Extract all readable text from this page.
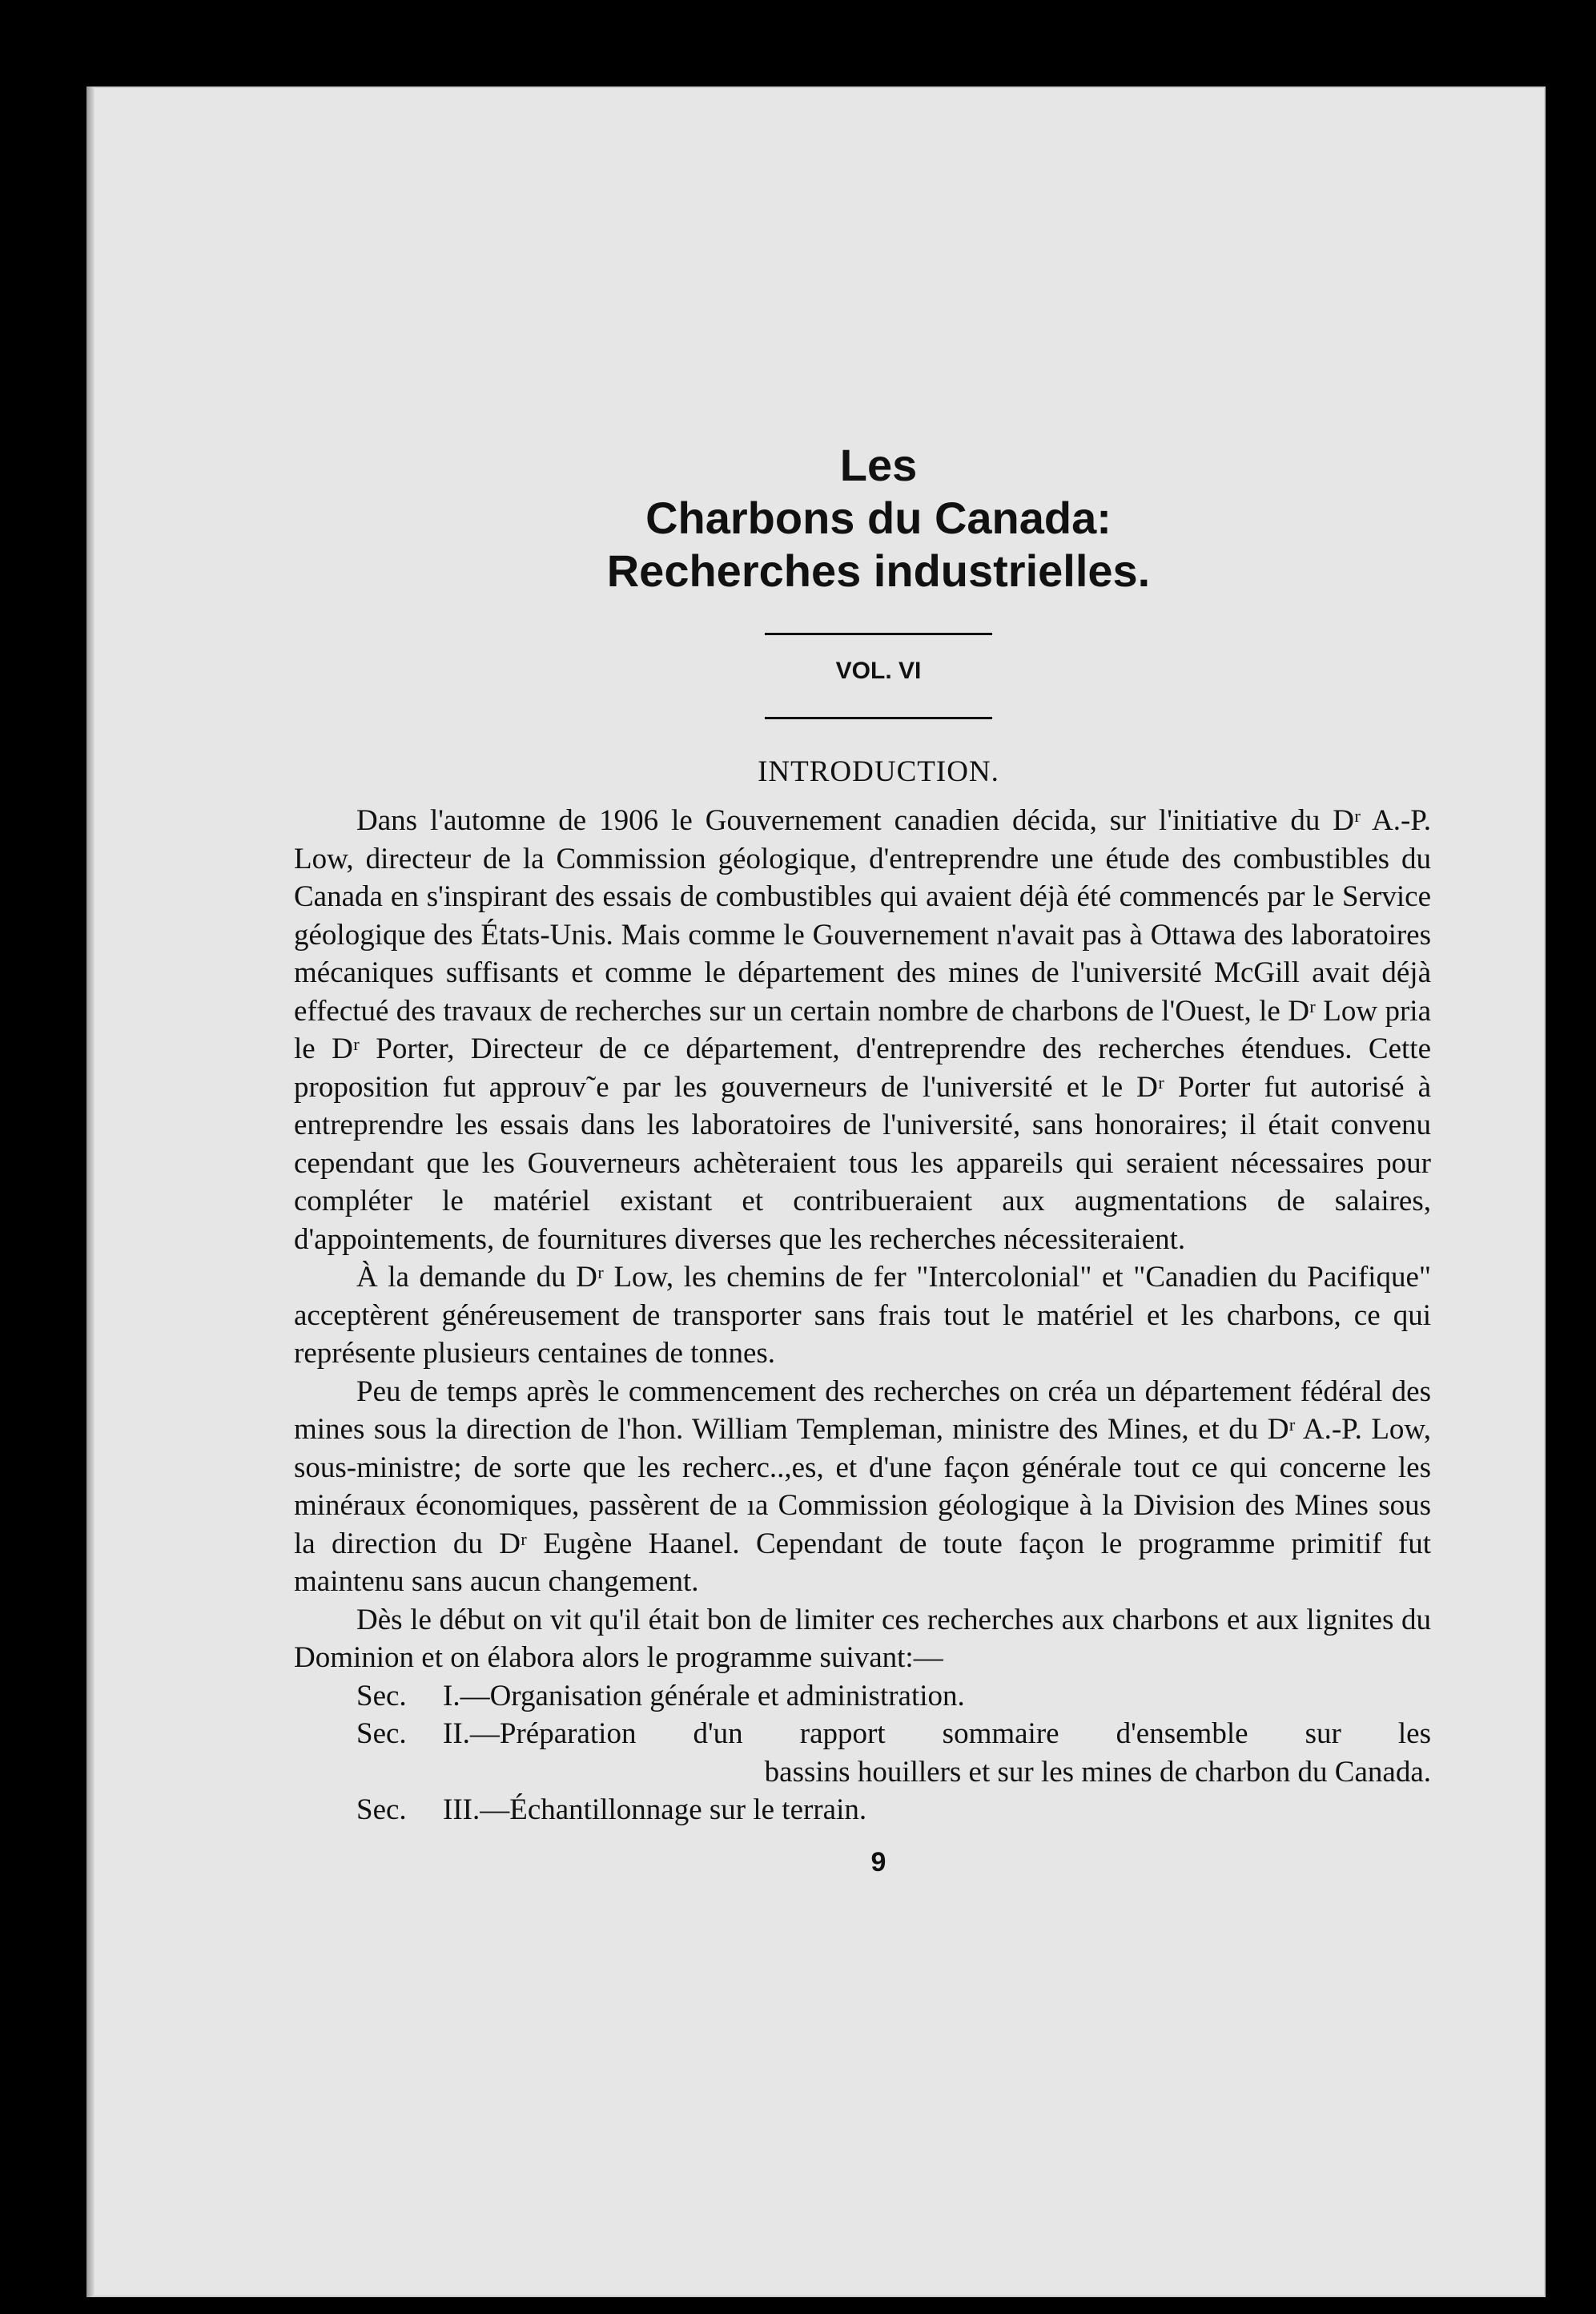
Les

Charbons du Canada:

Recherches industrielles.

VOL. VI

INTRODUCTION.

Dans l'automne de 1906 le Gouvernement canadien décida, sur l'initiative du Dʳ A.-P. Low, directeur de la Commission géologique, d'entreprendre une étude des combustibles du Canada en s'inspirant des essais de combustibles qui avaient déjà été commencés par le Service géologique des États-Unis. Mais comme le Gouvernement n'avait pas à Ottawa des laboratoires mécaniques suffisants et comme le département des mines de l'université McGill avait déjà effectué des travaux de recherches sur un certain nombre de charbons de l'Ouest, le Dʳ Low pria le Dʳ Porter, Directeur de ce département, d'entreprendre des recherches étendues. Cette proposition fut approuv˜e par les gouverneurs de l'université et le Dʳ Porter fut autorisé à entreprendre les essais dans les laboratoires de l'université, sans honoraires; il était convenu cependant que les Gouverneurs achèteraient tous les appareils qui seraient nécessaires pour compléter le matériel existant et contribueraient aux augmentations de salaires, d'appointements, de fournitures diverses que les recherches nécessiteraient.

À la demande du Dʳ Low, les chemins de fer "Intercolonial" et "Canadien du Pacifique" acceptèrent généreusement de transporter sans frais tout le matériel et les charbons, ce qui représente plusieurs centaines de tonnes.

Peu de temps après le commencement des recherches on créa un département fédéral des mines sous la direction de l'hon. William Templeman, ministre des Mines, et du Dʳ A.-P. Low, sous-ministre; de sorte que les recherc..,es, et d'une façon générale tout ce qui concerne les minéraux économiques, passèrent de ıa Commission géologique à la Division des Mines sous la direction du Dʳ Eugène Haanel. Cependant de toute façon le programme primitif fut maintenu sans aucun changement.

Dès le début on vit qu'il était bon de limiter ces recherches aux charbons et aux lignites du Dominion et on élabora alors le programme suivant:—

Sec.	I.— Organisation générale et administration.

Sec.	II.— Préparation d'un rapport sommaire d'ensemble sur les

bassins houillers et sur les mines de charbon du Canada.

Sec.	III.— Échantillonnage sur le terrain.

9
